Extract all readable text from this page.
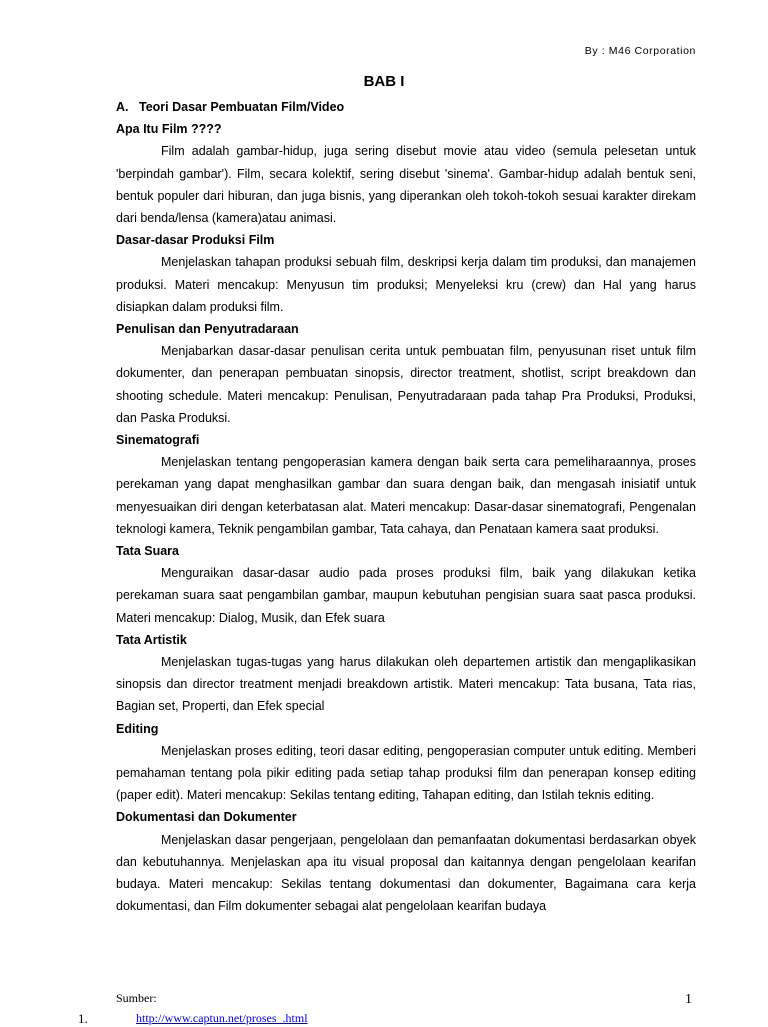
By : M46 Corporation
BAB I
A. Teori Dasar Pembuatan Film/Video
Apa Itu Film ????

Film adalah gambar-hidup, juga sering disebut movie atau video (semula pelesetan untuk 'berpindah gambar'). Film, secara kolektif, sering disebut 'sinema'. Gambar-hidup adalah bentuk seni, bentuk populer dari hiburan, dan juga bisnis, yang diperankan oleh tokoh-tokoh sesuai karakter direkam dari benda/lensa (kamera)atau animasi.

Dasar-dasar Produksi Film

Menjelaskan tahapan produksi sebuah film, deskripsi kerja dalam tim produksi, dan manajemen produksi. Materi mencakup: Menyusun tim produksi; Menyeleksi kru (crew) dan Hal yang harus disiapkan dalam produksi film.

Penulisan dan Penyutradaraan

Menjabarkan dasar-dasar penulisan cerita untuk pembuatan film, penyusunan riset untuk film dokumenter, dan penerapan pembuatan sinopsis, director treatment, shotlist, script breakdown dan shooting schedule. Materi mencakup: Penulisan, Penyutradaraan pada tahap Pra Produksi, Produksi, dan Paska Produksi.

Sinematografi

Menjelaskan tentang pengoperasian kamera dengan baik serta cara pemeliharaannya, proses perekaman yang dapat menghasilkan gambar dan suara dengan baik, dan mengasah inisiatif untuk menyesuaikan diri dengan keterbatasan alat. Materi mencakup: Dasar-dasar sinematografi, Pengenalan teknologi kamera, Teknik pengambilan gambar, Tata cahaya, dan Penataan kamera saat produksi.

Tata Suara

Menguraikan dasar-dasar audio pada proses produksi film, baik yang dilakukan ketika perekaman suara saat pengambilan gambar, maupun kebutuhan pengisian suara saat pasca produksi. Materi mencakup: Dialog, Musik, dan Efek suara

Tata Artistik

Menjelaskan tugas-tugas yang harus dilakukan oleh departemen artistik dan mengaplikasikan sinopsis dan director treatment menjadi breakdown artistik. Materi mencakup: Tata busana, Tata rias, Bagian set, Properti, dan Efek special

Editing

Menjelaskan proses editing, teori dasar editing, pengoperasian computer untuk editing. Memberi pemahaman tentang pola pikir editing pada setiap tahap produksi film dan penerapan konsep editing (paper edit). Materi mencakup: Sekilas tentang editing, Tahapan editing, dan Istilah teknis editing.

Dokumentasi dan Dokumenter

Menjelaskan dasar pengerjaan, pengelolaan dan pemanfaatan dokumentasi berdasarkan obyek dan kebutuhannya. Menjelaskan apa itu visual proposal dan kaitannya dengan pengelolaan kearifan budaya. Materi mencakup: Sekilas tentang dokumentasi dan dokumenter, Bagaimana cara kerja dokumentasi, dan Film dokumenter sebagai alat pengelolaan kearifan budaya

Sumber:	1
1.	http://www.captun.net/proses_.html
